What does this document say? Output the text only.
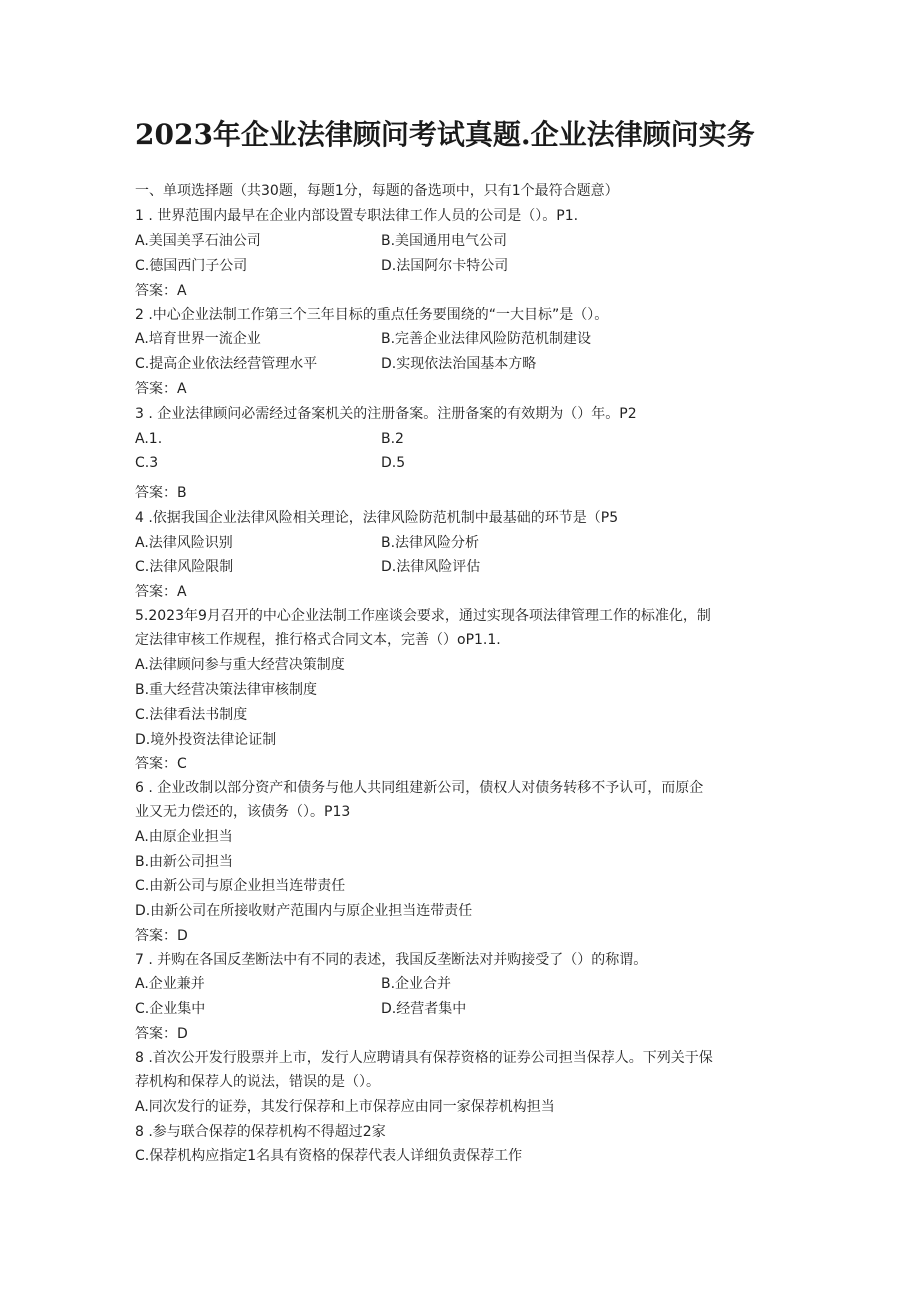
2023年企业法律顾问考试真题.企业法律顾问实务
一、单项选择题（共30题，每题1分，每题的备选项中，只有1个最符合题意）
1 . 世界范围内最早在企业内部设置专职法律工作人员的公司是（）。P1.
A.美国美孚石油公司	B.美国通用电气公司
C.德国西门子公司	D.法国阿尔卡特公司
答案：A
2 .中心企业法制工作第三个三年目标的重点任务要围绕的“一大目标”是（）。
A.培育世界一流企业	B.完善企业法律风险防范机制建设
C.提高企业依法经营管理水平	D.实现依法治国基本方略
答案：A
3 . 企业法律顾问必需经过备案机关的注册备案。注册备案的有效期为（）年。P2
A.1.	B.2
C.3	D.5
答案：B
4 .依据我国企业法律风险相关理论，法律风险防范机制中最基础的环节是（P5
A.法律风险识别	B.法律风险分析
C.法律风险限制	D.法律风险评估
答案：A
5.2023年9月召开的中心企业法制工作座谈会要求，通过实现各项法律管理工作的标准化，制
定法律审核工作规程，推行格式合同文本，完善（）oP1.1.
A.法律顾问参与重大经营决策制度
B.重大经营决策法律审核制度
C.法律看法书制度
D.境外投资法律论证制
答案：C
6 . 企业改制以部分资产和债务与他人共同组建新公司，债权人对债务转移不予认可，而原企
业又无力偿还的，该债务（）。P13
A.由原企业担当
B.由新公司担当
C.由新公司与原企业担当连带责任
D.由新公司在所接收财产范围内与原企业担当连带责任
答案：D
7 . 并购在各国反垄断法中有不同的表述，我国反垄断法对并购接受了（）的称谓。
A.企业兼并	B.企业合并
C.企业集中	D.经营者集中
答案：D
8 .首次公开发行股票并上市，发行人应聘请具有保荐资格的证券公司担当保荐人。下列关于保
荐机构和保荐人的说法，错误的是（）。
A.同次发行的证券，其发行保荐和上市保荐应由同一家保荐机构担当
8 .参与联合保荐的保荐机构不得超过2家
C.保荐机构应指定1名具有资格的保荐代表人详细负责保荐工作
